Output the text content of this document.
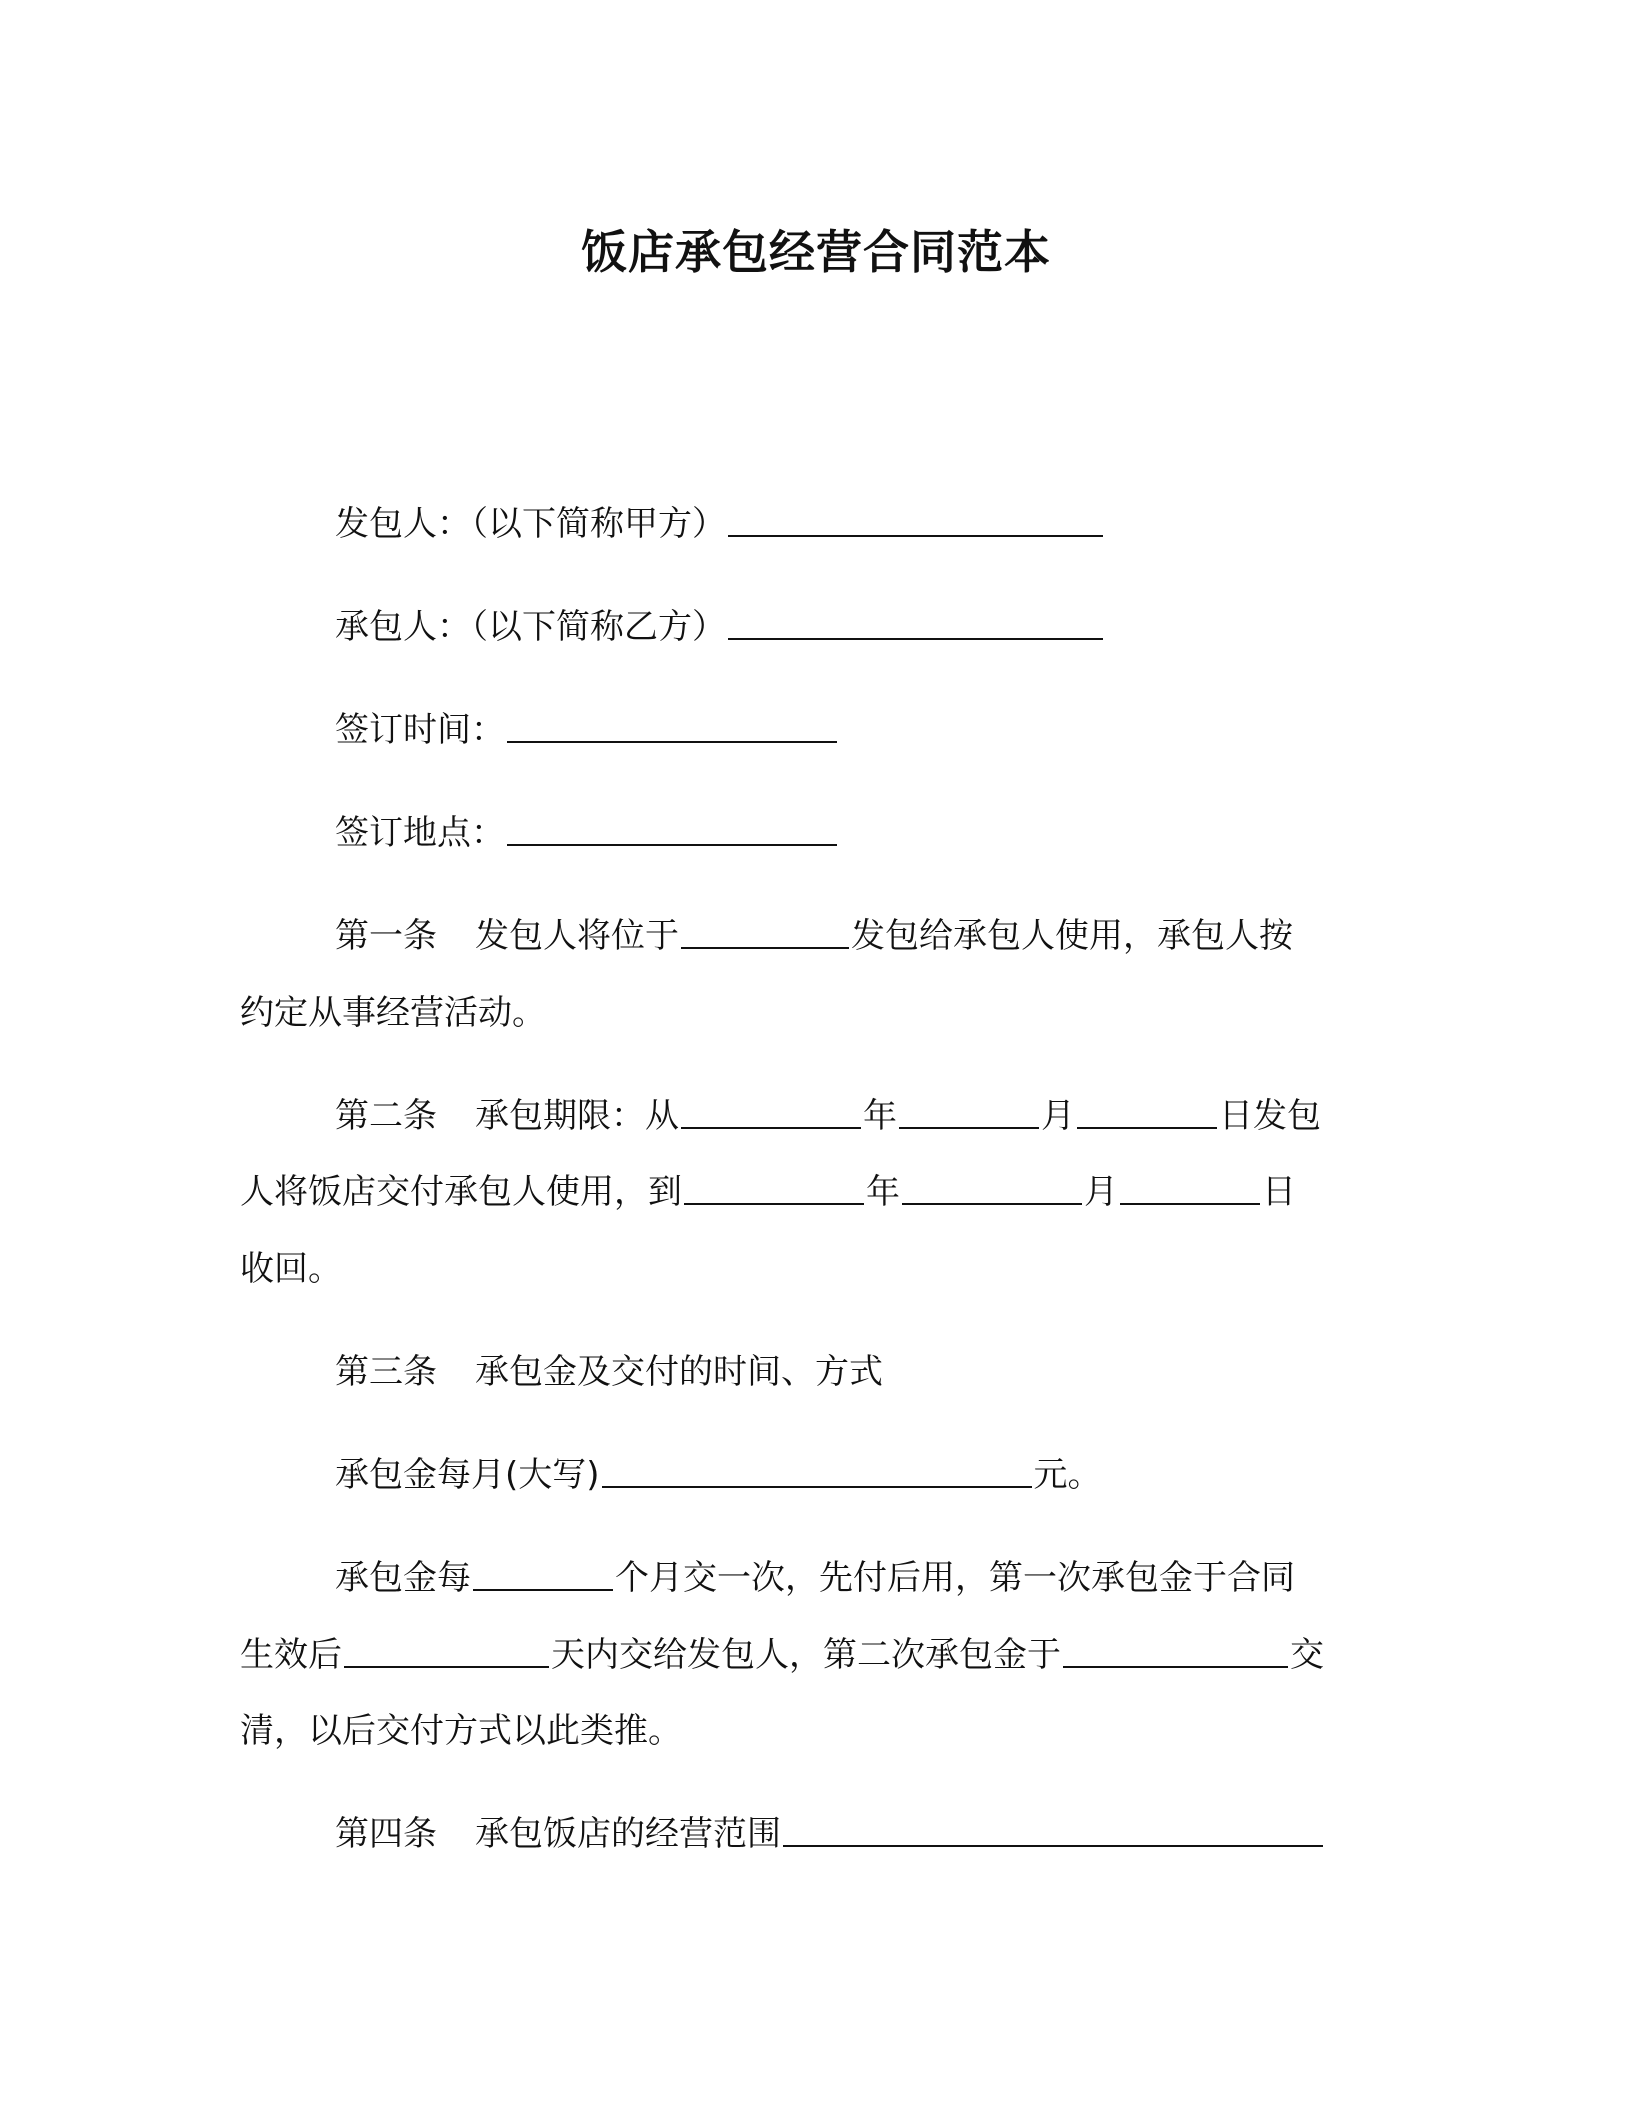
饭店承包经营合同范本
发包人：（以下简称甲方）
承包人：（以下简称乙方）
签订时间：
签订地点：
第一条 发包人将位于	发包给承包人使用，承包人按
约定从事经营活动。
第二条 承包期限：从	年	月	日发包
人将饭店交付承包人使用，到	年	月	日
收回。
第三条 承包金及交付的时间、方式
承包金每月(大写)	元。
承包金每	个月交一次，先付后用，第一次承包金于合同
生效后	天内交给发包人，第二次承包金于	交
清，以后交付方式以此类推。
第四条 承包饭店的经营范围
